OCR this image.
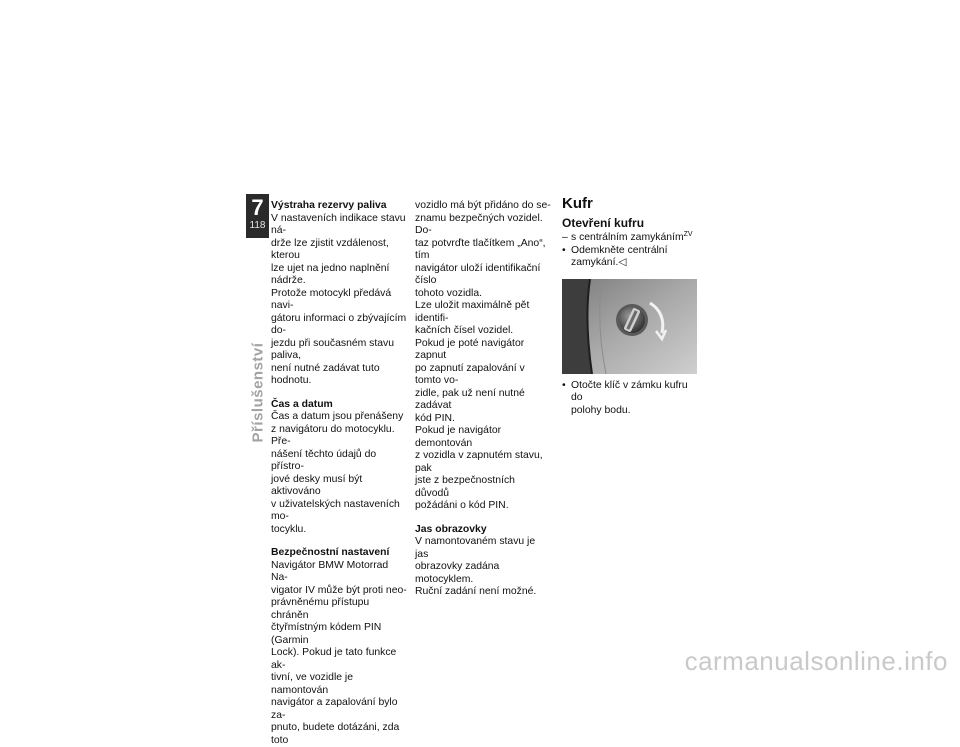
7
118
Příslušenství
Výstraha rezervy paliva

V nastaveních indikace stavu ná-

drže lze zjistit vzdálenost, kterou

lze ujet na jedno naplnění nádrže.

Protože motocykl předává navi-

gátoru informaci o zbývajícím do-

jezdu při současném stavu paliva,

není nutné zadávat tuto hodnotu.

Čas a datum

Čas a datum jsou přenášeny

z navigátoru do motocyklu. Pře-

nášení těchto údajů do přístro-

jové desky musí být aktivováno

v uživatelských nastaveních mo-

tocyklu.

Bezpečnostní nastavení

Navigátor BMW Motorrad Na-

vigator IV může být proti neo-

právněnému přístupu chráněn

čtyřmístným kódem PIN (Garmin

Lock). Pokud je tato funkce ak-

tivní, ve vozidle je namontován

navigátor a zapalování bylo za-

pnuto, budete dotázáni, zda toto

vozidlo má být přidáno do se-

znamu bezpečných vozidel. Do-

taz potvrďte tlačítkem „Ano“, tím

navigátor uloží identifikační číslo

tohoto vozidla.

Lze uložit maximálně pět identifi-

kačních čísel vozidel.

Pokud je poté navigátor zapnut

po zapnutí zapalování v tomto vo-

zidle, pak už není nutné zadávat

kód PIN.

Pokud je navigátor demontován

z vozidla v zapnutém stavu, pak

jste z bezpečnostních důvodů

požádáni o kód PIN.

Jas obrazovky

V namontovaném stavu je jas

obrazovky zadána motocyklem.

Ruční zadání není možné.

Kufr
Otevření kufru
– s centrálním zamykáním$^{ZV}$
• Odemkněte centrální
zamykání.◁
• Otočte klíč v zámku kufru do
polohy bodu.
carmanualsonline.info
